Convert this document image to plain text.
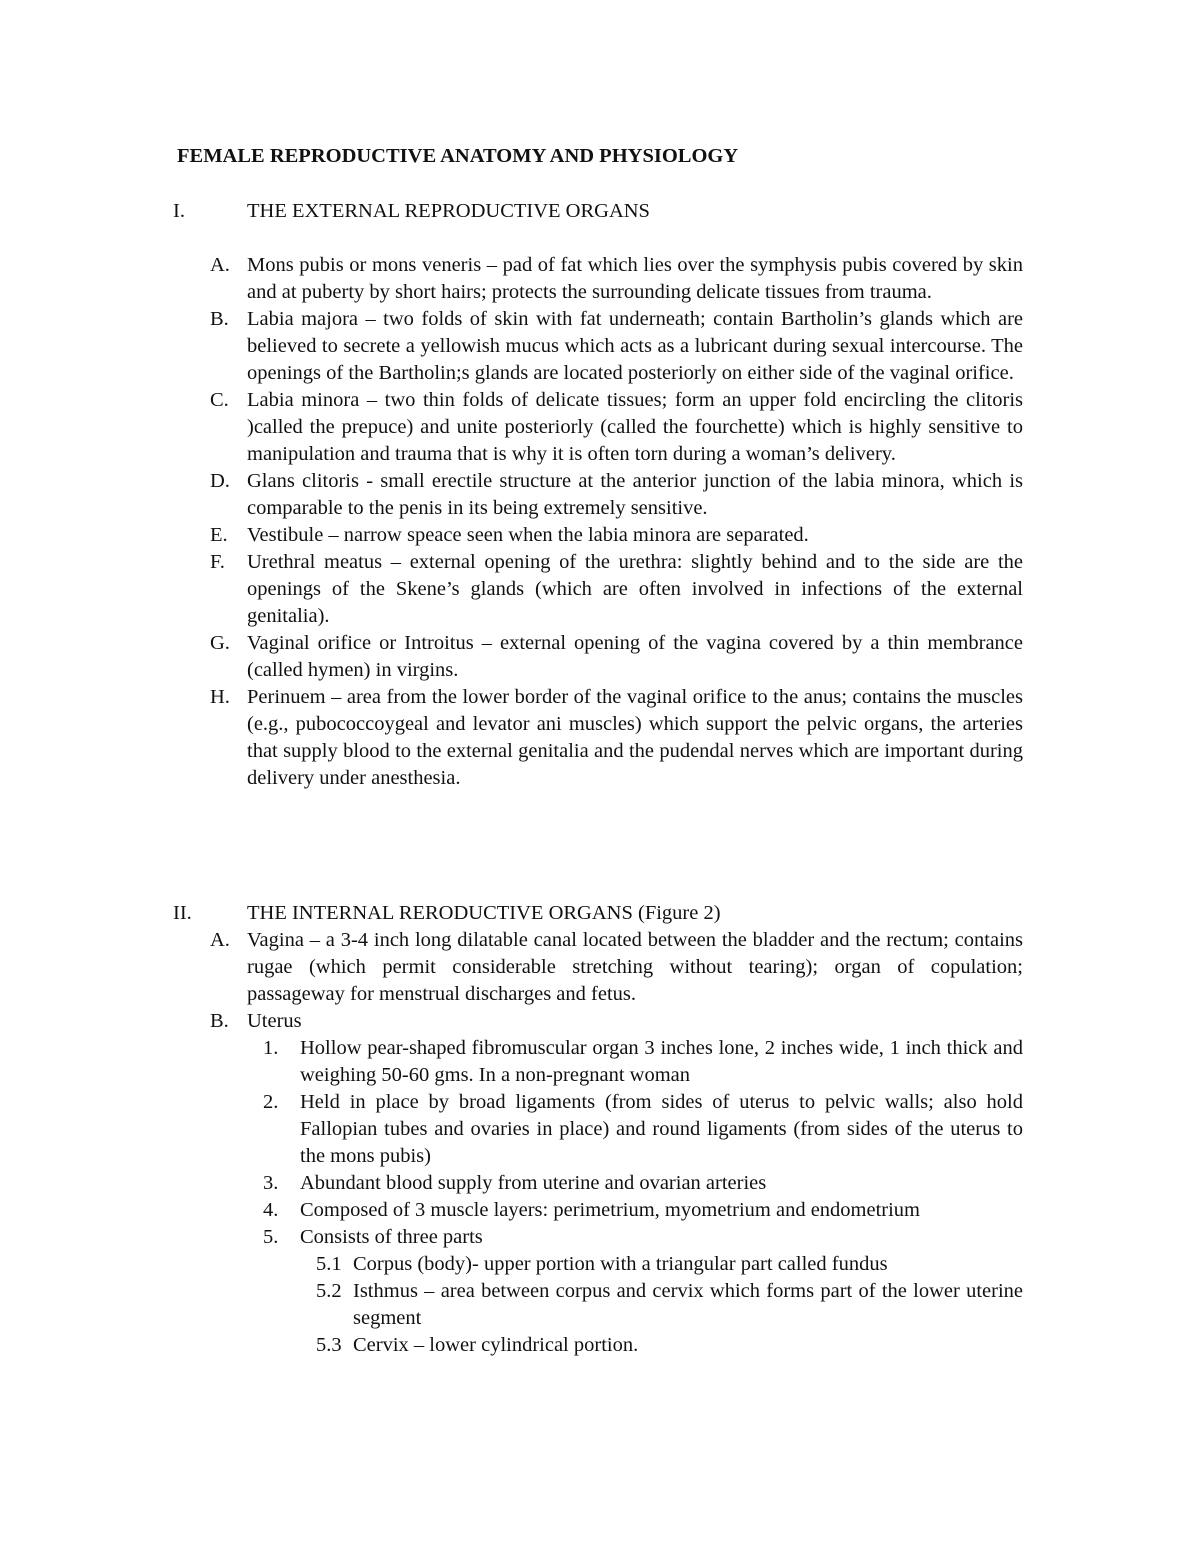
FEMALE REPRODUCTIVE ANATOMY AND PHYSIOLOGY
I.	THE EXTERNAL REPRODUCTIVE ORGANS
A. Mons pubis or mons veneris – pad of fat which lies over the symphysis pubis covered by skin and at puberty by short hairs; protects the surrounding delicate tissues from trauma.
B. Labia majora – two folds of skin with fat underneath; contain Bartholin’s glands which are believed to secrete a yellowish mucus which acts as a lubricant during sexual intercourse. The openings of the Bartholin;s glands are located posteriorly on either side of the vaginal orifice.
C. Labia minora – two thin folds of delicate tissues; form an upper fold encircling the clitoris )called the prepuce) and unite posteriorly (called the fourchette) which is highly sensitive to manipulation and trauma that is why it is often torn during a woman’s delivery.
D. Glans clitoris - small erectile structure at the anterior junction of the labia minora, which is comparable to the penis in its being extremely sensitive.
E. Vestibule – narrow speace seen when the labia minora are separated.
F. Urethral meatus – external opening of the urethra: slightly behind and to the side are the openings of the Skene’s glands (which are often involved in infections of the external genitalia).
G. Vaginal orifice or Introitus – external opening of the vagina covered by a thin membrance (called hymen) in virgins.
H. Perinuem – area from the lower border of the vaginal orifice to the anus; contains the muscles (e.g., pubococcoygeal and levator ani muscles) which support the pelvic organs, the arteries that supply blood to the external genitalia and the pudendal nerves which are important during delivery under anesthesia.
II.	THE INTERNAL RERODUCTIVE ORGANS (Figure 2)
A. Vagina – a 3-4 inch long dilatable canal located between the bladder and the rectum; contains rugae (which permit considerable stretching without tearing); organ of copulation; passageway for menstrual discharges and fetus.
B. Uterus
1. Hollow pear-shaped fibromuscular organ 3 inches lone, 2 inches wide, 1 inch thick and weighing 50-60 gms. In a non-pregnant woman
2. Held in place by broad ligaments (from sides of uterus to pelvic walls; also hold Fallopian tubes and ovaries in place) and round ligaments (from sides of the uterus to the mons pubis)
3. Abundant blood supply from uterine and ovarian arteries
4. Composed of 3 muscle layers: perimetrium, myometrium and endometrium
5. Consists of three parts
5.1 Corpus (body)- upper portion with a triangular part called fundus
5.2 Isthmus – area between corpus and cervix which forms part of the lower uterine segment
5.3 Cervix – lower cylindrical portion.
